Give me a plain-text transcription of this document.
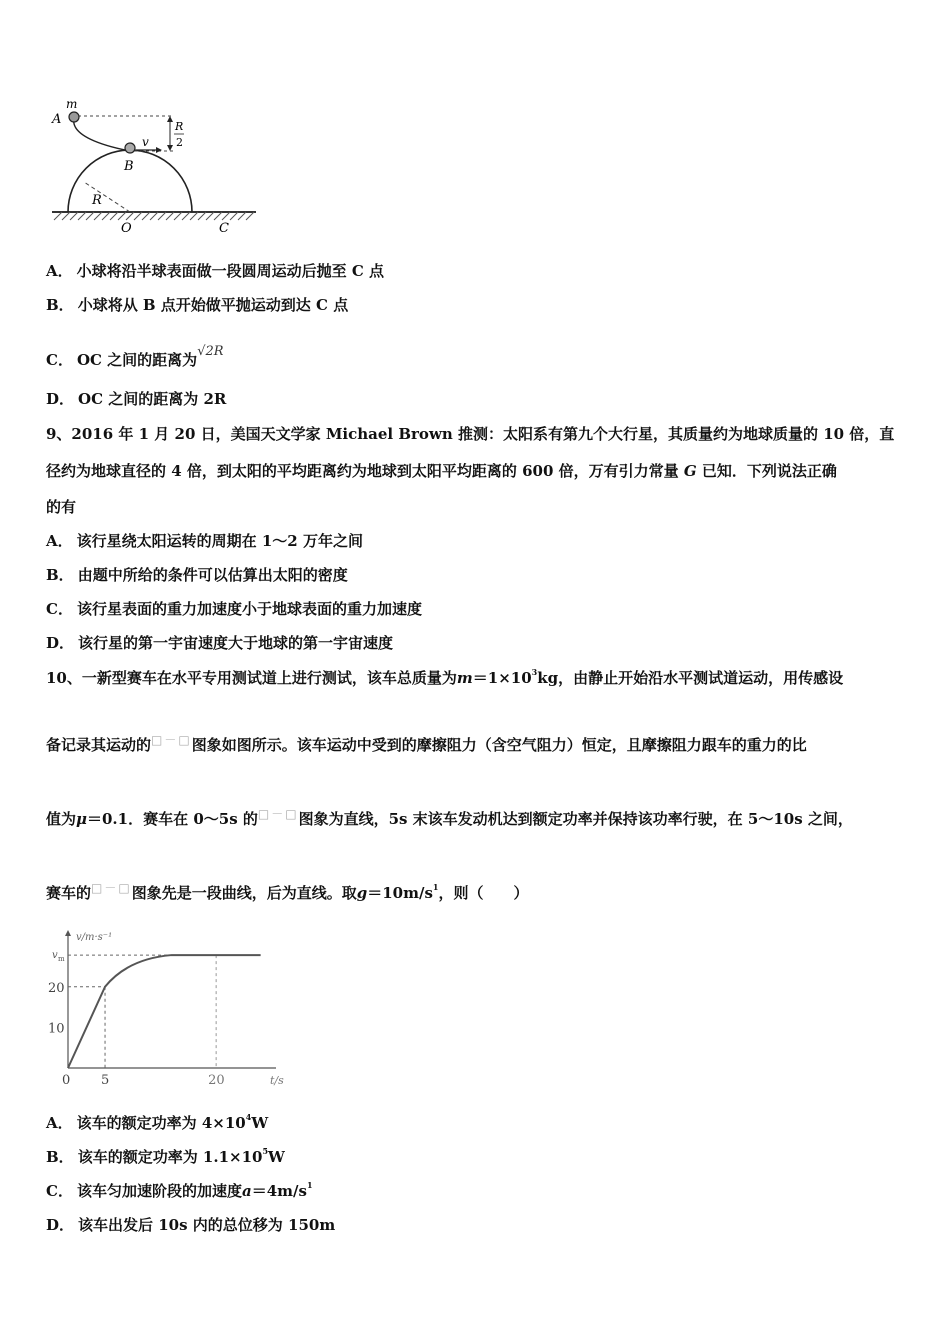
m
A
v
B
R
2
R
O	C
A． 小球将沿半球表面做一段圆周运动后抛至 C 点
B． 小球将从 B 点开始做平抛运动到达 C 点
C． OC 之间的距离为√2R
D． OC 之间的距离为 2R
9、2016 年 1 月 20 日，美国天文学家 Michael Brown 推测：太阳系有第九个大行星，其质量约为地球质量的 10 倍，直
径约为地球直径的 4 倍，到太阳的平均距离约为地球到太阳平均距离的 600 倍，万有引力常量 G 已知．下列说法正确
的有
A． 该行星绕太阳运转的周期在 1～2 万年之间
B． 由题中所给的条件可以估算出太阳的密度
C． 该行星表面的重力加速度小于地球表面的重力加速度
D． 该行星的第一宇宙速度大于地球的第一宇宙速度
10、一新型赛车在水平专用测试道上进行测试，该车总质量为$m=1\times 10^3kg$，由静止开始沿水平测试道运动，用传感设
备记录其运动的□－□图象如图所示。该车运动中受到的摩擦阻力（含空气阻力）恒定，且摩擦阻力跟车的重力的比
值为μ＝0.1．赛车在 0～5s 的□－□图象为直线，5s 末该车发动机达到额定功率并保持该功率行驶，在 5～10s 之间，
赛车的□－□图象先是一段曲线，后为直线。取$g=10m/s^1$，则（　　）
v/m·s⁻¹
t/s
v m
20
10
0 5	20
A． 该车的额定功率为 $4\times 10^4W$
B． 该车的额定功率为 $1.1\times 10^5W$
C． 该车匀加速阶段的加速度$a=4m/s^1$
D． 该车出发后 10s 内的总位移为 150m
